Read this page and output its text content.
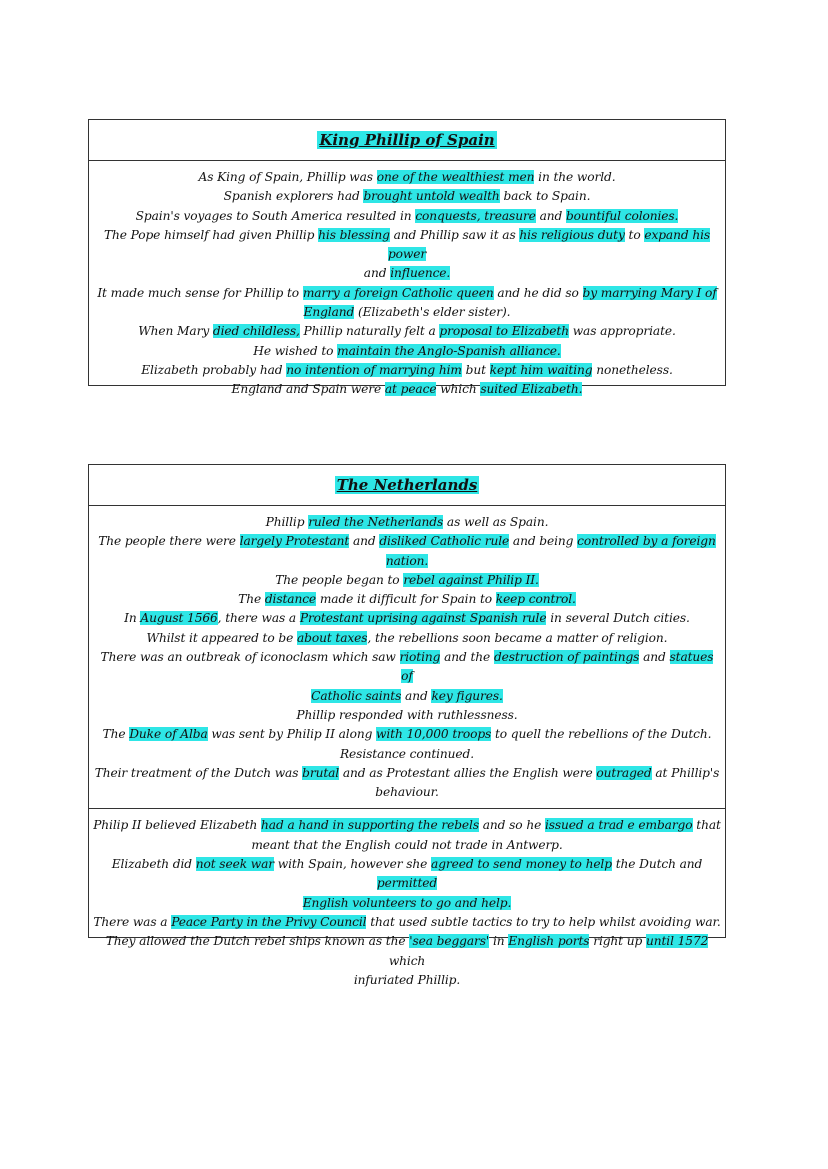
King Phillip of Spain

As King of Spain, Phillip was one of the wealthiest men in the world.

Spanish explorers had brought untold wealth back to Spain.

Spain's voyages to South America resulted in conquests, treasure and bountiful colonies.

The Pope himself had given Phillip his blessing and Phillip saw it as his religious duty to expand his power

and influence.

It made much sense for Phillip to marry a foreign Catholic queen and he did so by marrying Mary I of

England (Elizabeth's elder sister).

When Mary died childless, Phillip naturally felt a proposal to Elizabeth was appropriate.

He wished to maintain the Anglo-Spanish alliance.

Elizabeth probably had no intention of marrying him but kept him waiting nonetheless.

England and Spain were at peace which suited Elizabeth.

The Netherlands

Phillip ruled the Netherlands as well as Spain.

The people there were largely Protestant and disliked Catholic rule and being controlled by a foreign

nation.

The people began to rebel against Philip II.

The distance made it difficult for Spain to keep control.

In August 1566, there was a Protestant uprising against Spanish rule in several Dutch cities.

Whilst it appeared to be about taxes, the rebellions soon became a matter of religion.

There was an outbreak of iconoclasm which saw rioting and the destruction of paintings and statues of

Catholic saints and key figures.

Phillip responded with ruthlessness.

The Duke of Alba was sent by Philip II along with 10,000 troops to quell the rebellions of the Dutch.

Resistance continued.

Their treatment of the Dutch was brutal and as Protestant allies the English were outraged at Phillip's

behaviour.

Philip II believed Elizabeth had a hand in supporting the rebels and so he issued a trad e embargo that

meant that the English could not trade in Antwerp.

Elizabeth did not seek war with Spain, however she agreed to send money to help the Dutch and permitted

English volunteers to go and help.

There was a Peace Party in the Privy Council that used subtle tactics to try to help whilst avoiding war.

They allowed the Dutch rebel ships known as the 'sea beggars' in English ports right up until 1572 which

infuriated Phillip.
